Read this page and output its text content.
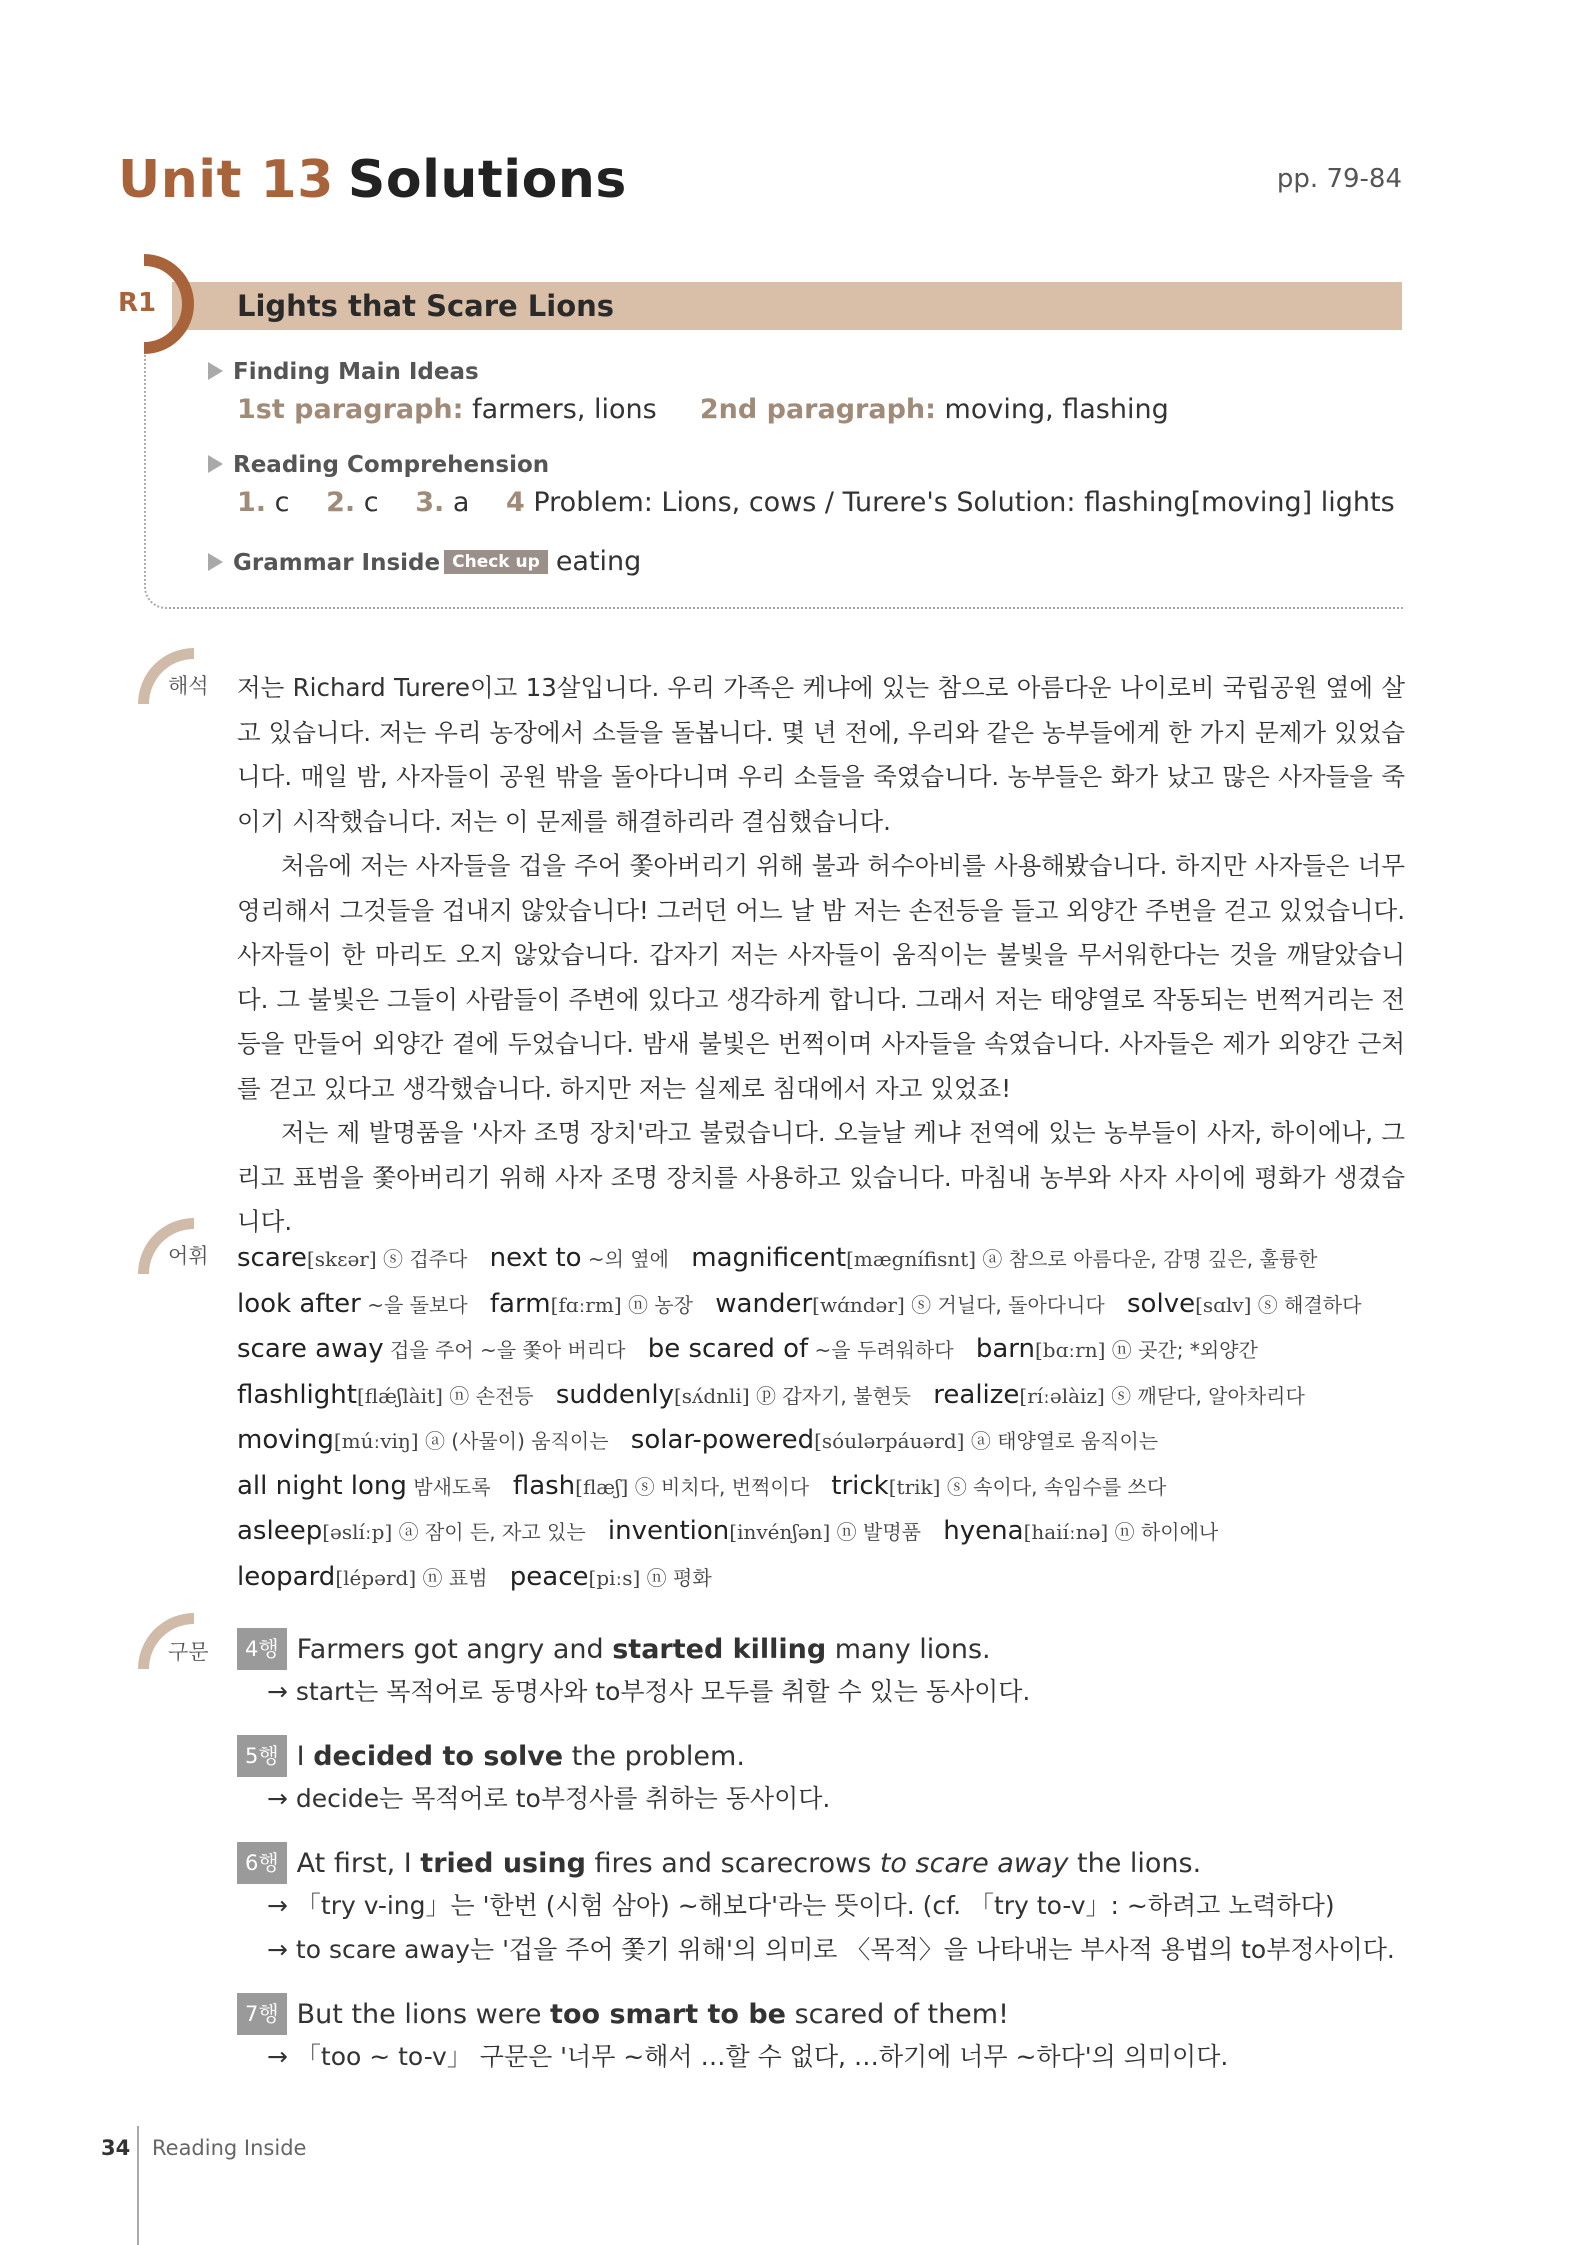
Unit 13 Solutions	pp. 79-84
R1	Lights that Scare Lions
Finding Main Ideas
1st paragraph: farmers, lions 2nd paragraph: moving, flashing
Reading Comprehension
1. c 2. c 3. a 4 Problem: Lions, cows / Turere's Solution: flashing[moving] lights
Grammar Inside Check up eating
해석 저는 Richard Turere이고 13살입니다. 우리 가족은 케냐에 있는 참으로 아름다운 나이로비 국립공원 옆에 살고 있습니다. 저는 우리 농장에서 소들을 돌봅니다. 몇 년 전에, 우리와 같은 농부들에게 한 가지 문제가 있었습니다. 매일 밤, 사자들이 공원 밖을 돌아다니며 우리 소들을 죽였습니다. 농부들은 화가 났고 많은 사자들을 죽이기 시작했습니다. 저는 이 문제를 해결하리라 결심했습니다.

처음에 저는 사자들을 겁을 주어 쫓아버리기 위해 불과 허수아비를 사용해봤습니다. 하지만 사자들은 너무 영리해서 그것들을 겁내지 않았습니다! 그러던 어느 날 밤 저는 손전등을 들고 외양간 주변을 걷고 있었습니다. 사자들이 한 마리도 오지 않았습니다. 갑자기 저는 사자들이 움직이는 불빛을 무서워한다는 것을 깨달았습니다. 그 불빛은 그들이 사람들이 주변에 있다고 생각하게 합니다. 그래서 저는 태양열로 작동되는 번쩍거리는 전등을 만들어 외양간 곁에 두었습니다. 밤새 불빛은 번쩍이며 사자들을 속였습니다. 사자들은 제가 외양간 근처를 걷고 있다고 생각했습니다. 하지만 저는 실제로 침대에서 자고 있었죠!

저는 제 발명품을 '사자 조명 장치'라고 불렀습니다. 오늘날 케냐 전역에 있는 농부들이 사자, 하이에나, 그리고 표범을 쫓아버리기 위해 사자 조명 장치를 사용하고 있습니다. 마침내 농부와 사자 사이에 평화가 생겼습니다.

어휘 scare[skɛər] ⓢ 겁주다 next to ~의 옆에 magnificent[mægnífisnt] ⓐ 참으로 아름다운, 감명 깊은, 훌륭한 look after ~을 돌보다 farm[fɑːrm] ⓝ 농장 wander[wɑ́ndər] ⓢ 거닐다, 돌아다니다 solve[sɑlv] ⓢ 해결하다 scare away 겁을 주어 ~을 쫓아 버리다 be scared of ~을 두려워하다 barn[bɑːrn] ⓝ 곳간; *외양간 flashlight[flǽʃlàit] ⓝ 손전등 suddenly[sʌ́dnli] ⓟ 갑자기, 불현듯 realize[ríːəlàiz] ⓢ 깨닫다, 알아차리다 moving[múːviŋ] ⓐ (사물이) 움직이는 solar-powered[sóulərpáuərd] ⓐ 태양열로 움직이는 all night long 밤새도록 flash[flæʃ] ⓢ 비치다, 번쩍이다 trick[trik] ⓢ 속이다, 속임수를 쓰다 asleep[əslíːp] ⓐ 잠이 든, 자고 있는 invention[invénʃən] ⓝ 발명품 hyena[haiíːnə] ⓝ 하이에나 leopard[lépərd] ⓝ 표범 peace[piːs] ⓝ 평화
구문	4행 Farmers got angry and started killing many lions.
→ start는 목적어로 동명사와 to부정사 모두를 취할 수 있는 동사이다.
5행 I decided to solve the problem.
→ decide는 목적어로 to부정사를 취하는 동사이다.
6행 At first, I tried using fires and scarecrows to scare away the lions.
→ 「try v-ing」는 '한번 (시험 삼아) ~해보다'라는 뜻이다. (cf. 「try to-v」: ~하려고 노력하다)
→ to scare away는 '겁을 주어 쫓기 위해'의 의미로 〈목적〉을 나타내는 부사적 용법의 to부정사이다.
7행 But the lions were too smart to be scared of them!
→ 「too ~ to-v」 구문은 '너무 ~해서 …할 수 없다, …하기에 너무 ~하다'의 의미이다.
34 Reading Inside
